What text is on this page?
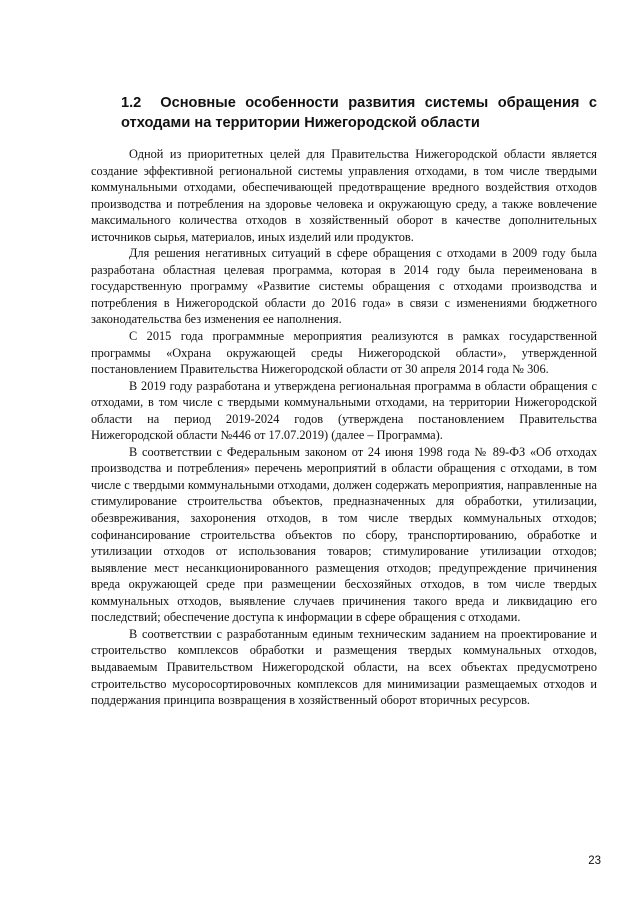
1.2 Основные особенности развития системы обращения с отходами на территории Нижегородской области

Одной из приоритетных целей для Правительства Нижегородской области является создание эффективной региональной системы управления отходами, в том числе твердыми коммунальными отходами, обеспечивающей предотвращение вредного воздействия отходов производства и потребления на здоровье человека и окружающую среду, а также вовлечение максимального количества отходов в хозяйственный оборот в качестве дополнительных источников сырья, материалов, иных изделий или продуктов.

Для решения негативных ситуаций в сфере обращения с отходами в 2009 году была разработана областная целевая программа, которая в 2014 году была переименована в государственную программу «Развитие системы обращения с отходами производства и потребления в Нижегородской области до 2016 года» в связи с изменениями бюджетного законодательства без изменения ее наполнения.

С 2015 года программные мероприятия реализуются в рамках государственной программы «Охрана окружающей среды Нижегородской области», утвержденной постановлением Правительства Нижегородской области от 30 апреля 2014 года № 306.

В 2019 году разработана и утверждена региональная программа в области обращения с отходами, в том числе с твердыми коммунальными отходами, на территории Нижегородской области на период 2019-2024 годов (утверждена постановлением Правительства Нижегородской области №446 от 17.07.2019) (далее – Программа).

В соответствии с Федеральным законом от 24 июня 1998 года № 89-ФЗ «Об отходах производства и потребления» перечень мероприятий в области обращения с отходами, в том числе с твердыми коммунальными отходами, должен содержать мероприятия, направленные на стимулирование строительства объектов, предназначенных для обработки, утилизации, обезвреживания, захоронения отходов, в том числе твердых коммунальных отходов; софинансирование строительства объектов по сбору, транспортированию, обработке и утилизации отходов от использования товаров; стимулирование утилизации отходов; выявление мест несанкционированного размещения отходов; предупреждение причинения вреда окружающей среде при размещении бесхозяйных отходов, в том числе твердых коммунальных отходов, выявление случаев причинения такого вреда и ликвидацию его последствий; обеспечение доступа к информации в сфере обращения с отходами.

В соответствии с разработанным единым техническим заданием на проектирование и строительство комплексов обработки и размещения твердых коммунальных отходов, выдаваемым Правительством Нижегородской области, на всех объектах предусмотрено строительство мусоросортировочных комплексов для минимизации размещаемых отходов и поддержания принципа возвращения в хозяйственный оборот вторичных ресурсов.

23
